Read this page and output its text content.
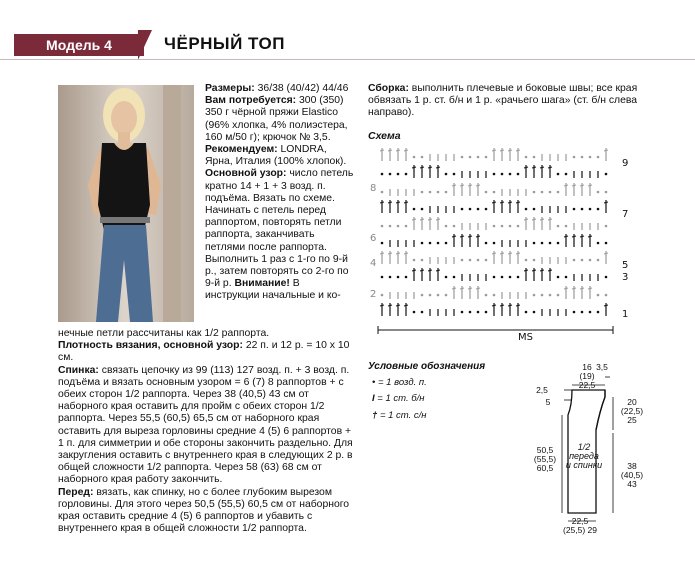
Модель 4	ЧЁРНЫЙ ТОП
Размеры: 36/38 (40/42) 44/46
Вам потребуется: 300 (350) 350 г чёрной пряжи Elastico (96% хлопка, 4% полиэстера, 160 м/50 г); крючок № 3,5.
Рекомендуем: LONDRA, Ярна, Италия (100% хлопок).
Основной узор: число петель кратно 14 + 1 + 3 возд. п. подъёма. Вязать по схеме. Начинать с петель перед раппортом, повторять петли раппорта, заканчивать петлями после раппорта. Выполнить 1 раз с 1-го по 9-й р., затем повторять со 2-го по 9-й р. Внимание! В инструкции начальные и ко-
нечные петли рассчитаны как 1/2 раппорта.
Плотность вязания, основной узор: 22 п. и 12 р. = 10 х 10 см.
Спинка: связать цепочку из 99 (113) 127 возд. п. + 3 возд. п. подъёма и вязать основным узором = 6 (7) 8 раппортов + с обеих сторон 1/2 раппорта. Через 38 (40,5) 43 см от наборного края оставить для пройм с обеих сторон 1/2 раппорта. Через 55,5 (60,5) 65,5 см от наборного края оставить для выреза горловины средние 4 (5) 6 раппортов + 1 п. для симметрии и обе стороны закончить раздельно. Для закругления оставить с внутреннего края в следующих 2 р. в общей сложности 1/2 раппорта. Через 58 (63) 68 см от наборного края работу закончить.
Перед: вязать, как спинку, но с более глубоким вырезом горловины. Для этого через 50,5 (55,5) 60,5 см от наборного края оставить средние 4 (5) 6 раппортов и убавить с внутреннего края в общей сложности 1/2 раппорта.
Сборка: выполнить плечевые и боковые швы; все края обвязать 1 р. ст. б/н и 1 р. «рачьего шага» (ст. б/н слева направо).
Схема
9
7
5
3
1
8
6
4
2
MS
Условные обозначения
• = 1 возд. п.
I = 1 ст. б/н
† = 1 ст. с/н
16
(19)
22,5
3,5
2,5
5	20
(22,5)
25
50,5
(55,5)
60,5	38
(40,5)
43
22,5
(25,5) 29
1/2
переда
и спинки
